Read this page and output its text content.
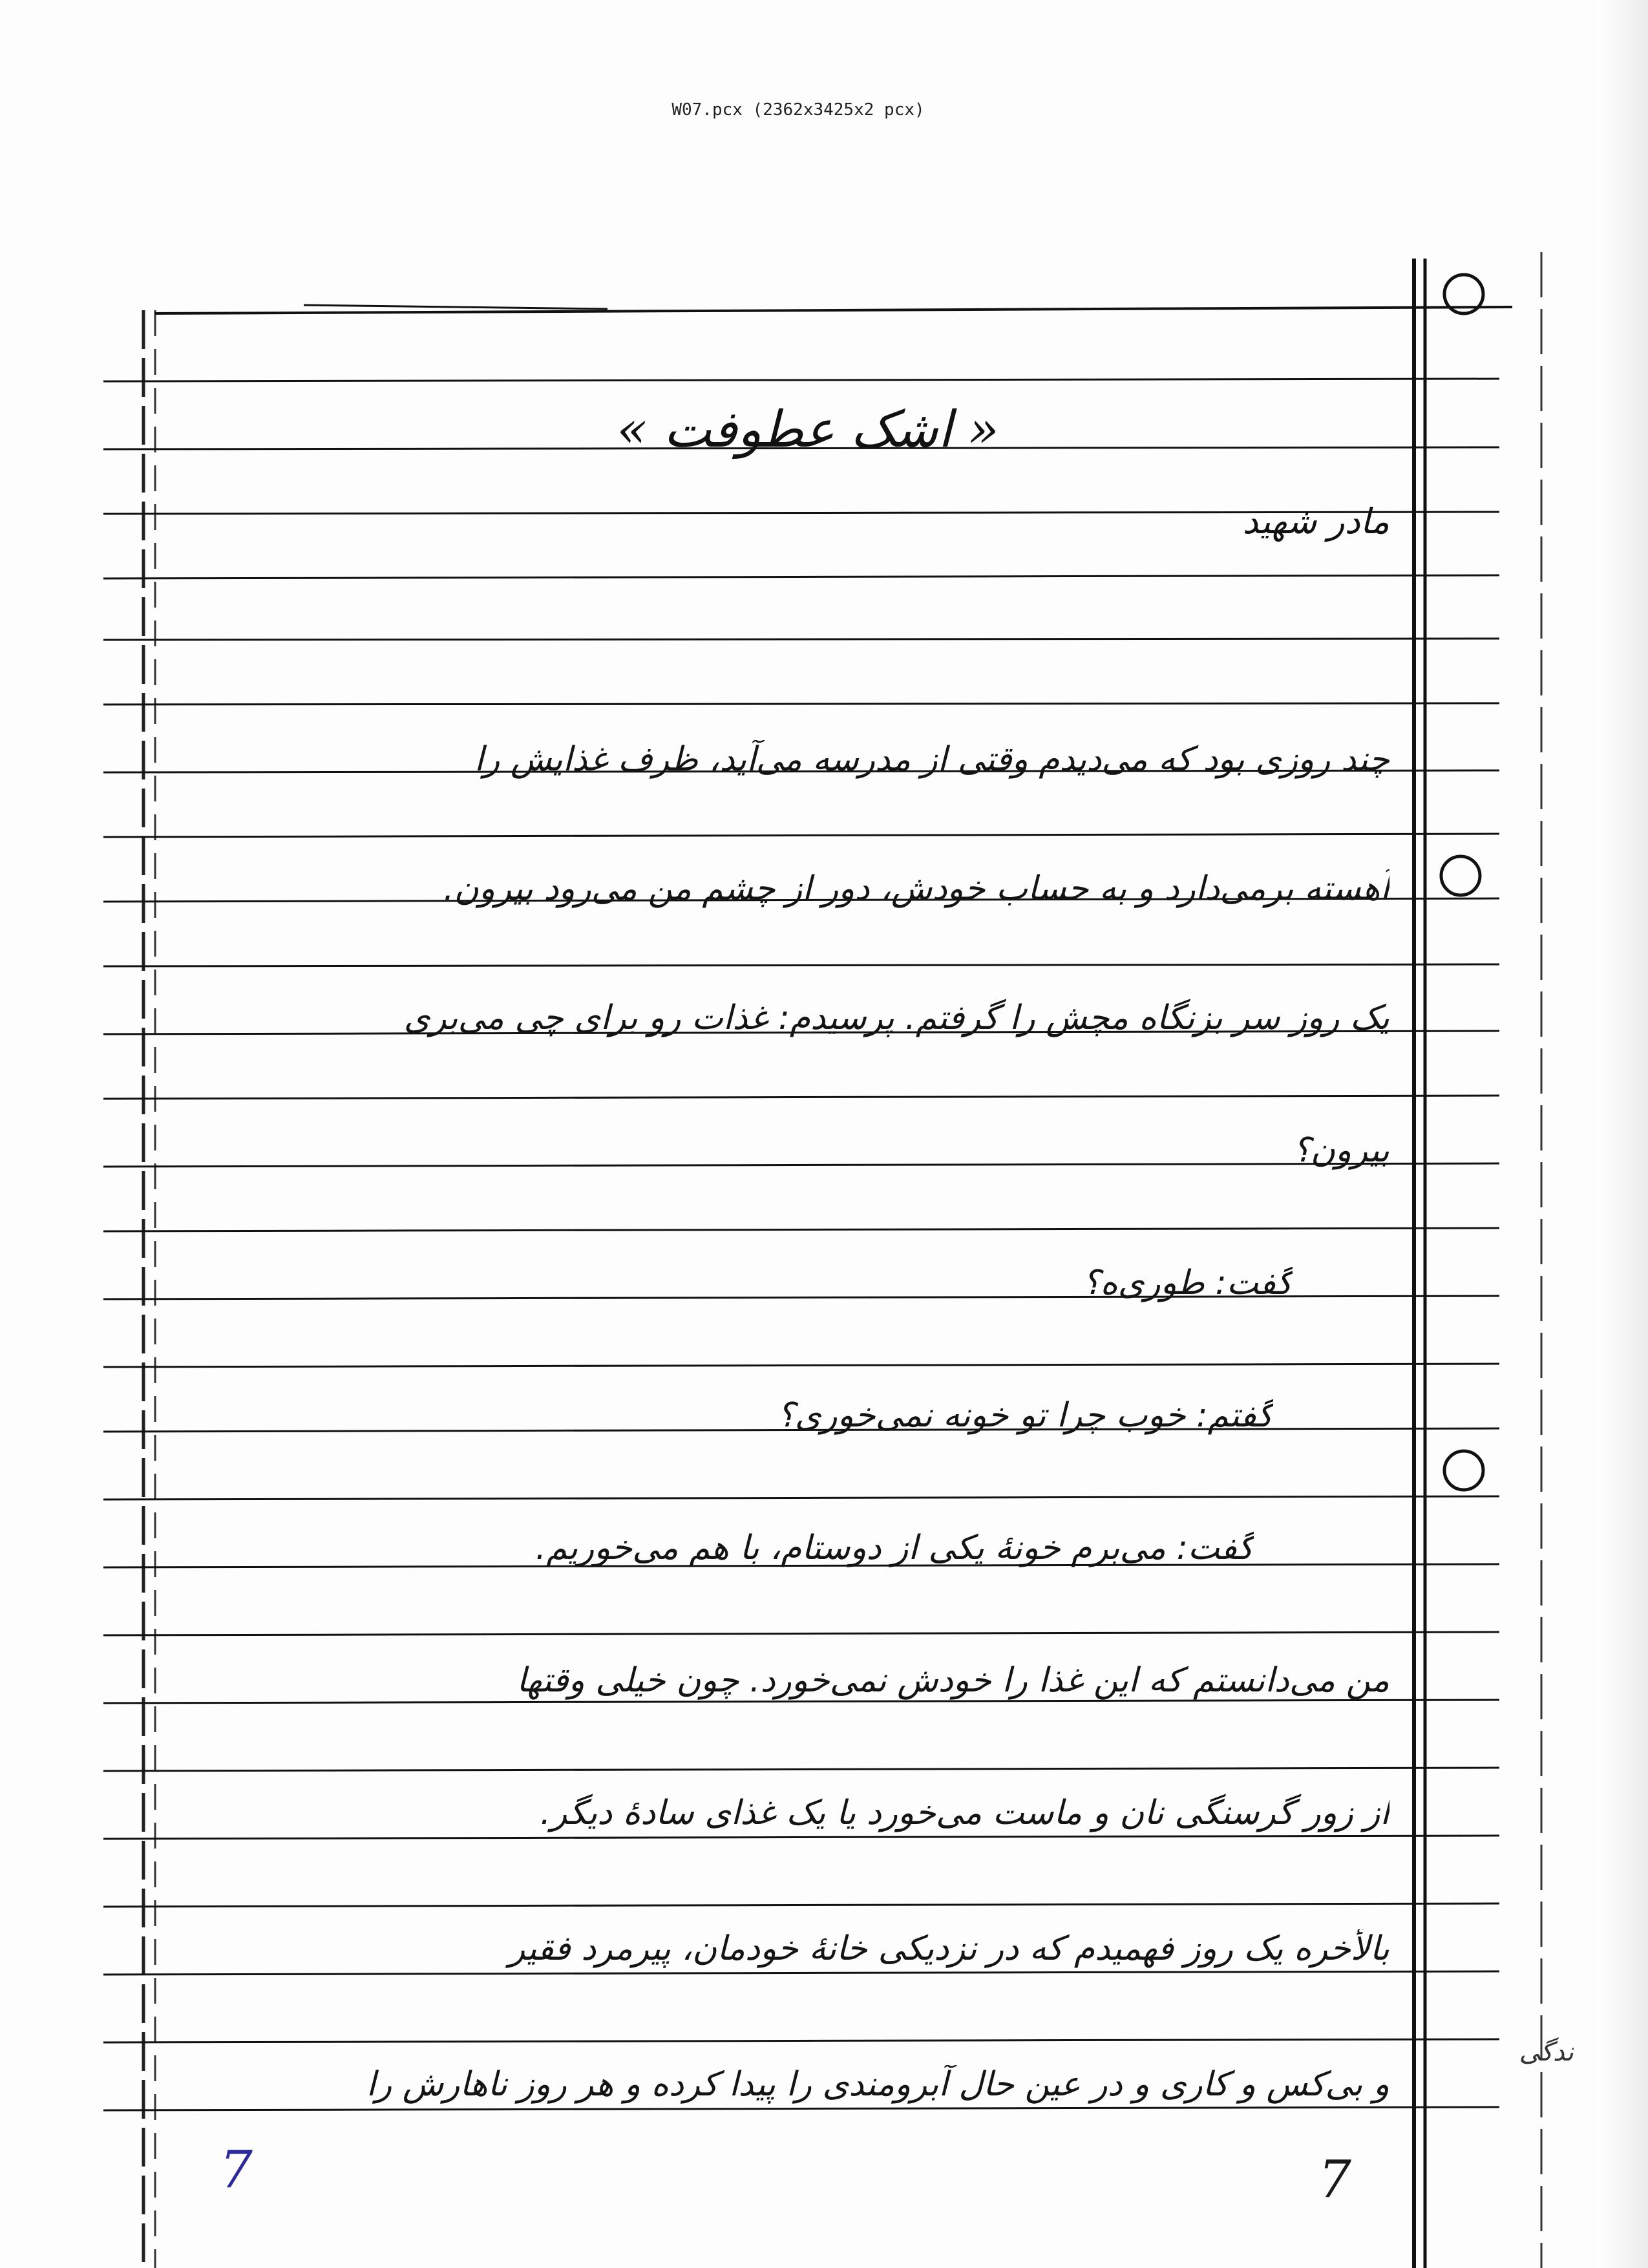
W07.pcx (2362x3425x2 pcx)
« اشک عطوفت »
مادر شهید
چند روزی بود که می‌دیدم وقتی از مدرسه می‌آید، ظرف غذایش را
آهسته برمی‌دارد و به حساب خودش، دور از چشم من می‌رود بیرون.
یک روز سر بزنگاه مچش را گرفتم. پرسیدم: غذات رو برای چی می‌بری
بیرون؟
گفت: طوری‌ه؟
گفتم: خوب چرا تو خونه نمی‌خوری؟
گفت: می‌برم خونهٔ یکی از دوستام، با هم می‌خوریم.
من می‌دانستم که این غذا را خودش نمی‌خورد. چون خیلی وقتها
از زور گرسنگی نان و ماست می‌خورد یا یک غذای سادهٔ دیگر.
بالأخره یک روز فهمیدم که در نزدیکی خانهٔ خودمان، پیرمرد فقیر
و بی‌کس و کاری و در عین حال آبرومندی را پیدا کرده و هر روز ناهارش را
ندگی
7	7
